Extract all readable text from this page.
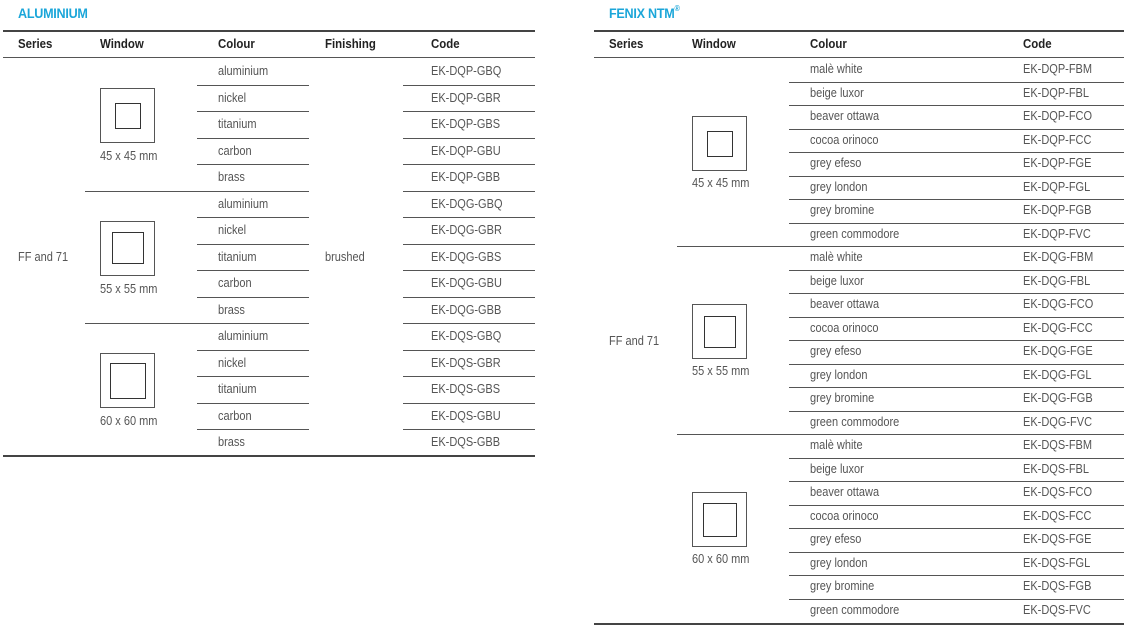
ALUMINIUM
Series	Window	Colour	Finishing	Code
FF and 71	brushed
45 x 45 mm
aluminium	EK-DQP-GBQ
nickel	EK-DQP-GBR
titanium	EK-DQP-GBS
carbon	EK-DQP-GBU
brass	EK-DQP-GBB
55 x 55 mm
aluminium	EK-DQG-GBQ
nickel	EK-DQG-GBR
titanium	EK-DQG-GBS
carbon	EK-DQG-GBU
brass	EK-DQG-GBB
60 x 60 mm
aluminium	EK-DQS-GBQ
nickel	EK-DQS-GBR
titanium	EK-DQS-GBS
carbon	EK-DQS-GBU
brass	EK-DQS-GBB
FENIX NTM®
Series	Window	Colour	Code
FF and 71
45 x 45 mm
malè white	EK-DQP-FBM
beige luxor	EK-DQP-FBL
beaver ottawa	EK-DQP-FCO
cocoa orinoco	EK-DQP-FCC
grey efeso	EK-DQP-FGE
grey london	EK-DQP-FGL
grey bromine	EK-DQP-FGB
green commodore	EK-DQP-FVC
55 x 55 mm
malè white	EK-DQG-FBM
beige luxor	EK-DQG-FBL
beaver ottawa	EK-DQG-FCO
cocoa orinoco	EK-DQG-FCC
grey efeso	EK-DQG-FGE
grey london	EK-DQG-FGL
grey bromine	EK-DQG-FGB
green commodore	EK-DQG-FVC
60 x 60 mm
malè white	EK-DQS-FBM
beige luxor	EK-DQS-FBL
beaver ottawa	EK-DQS-FCO
cocoa orinoco	EK-DQS-FCC
grey efeso	EK-DQS-FGE
grey london	EK-DQS-FGL
grey bromine	EK-DQS-FGB
green commodore	EK-DQS-FVC
